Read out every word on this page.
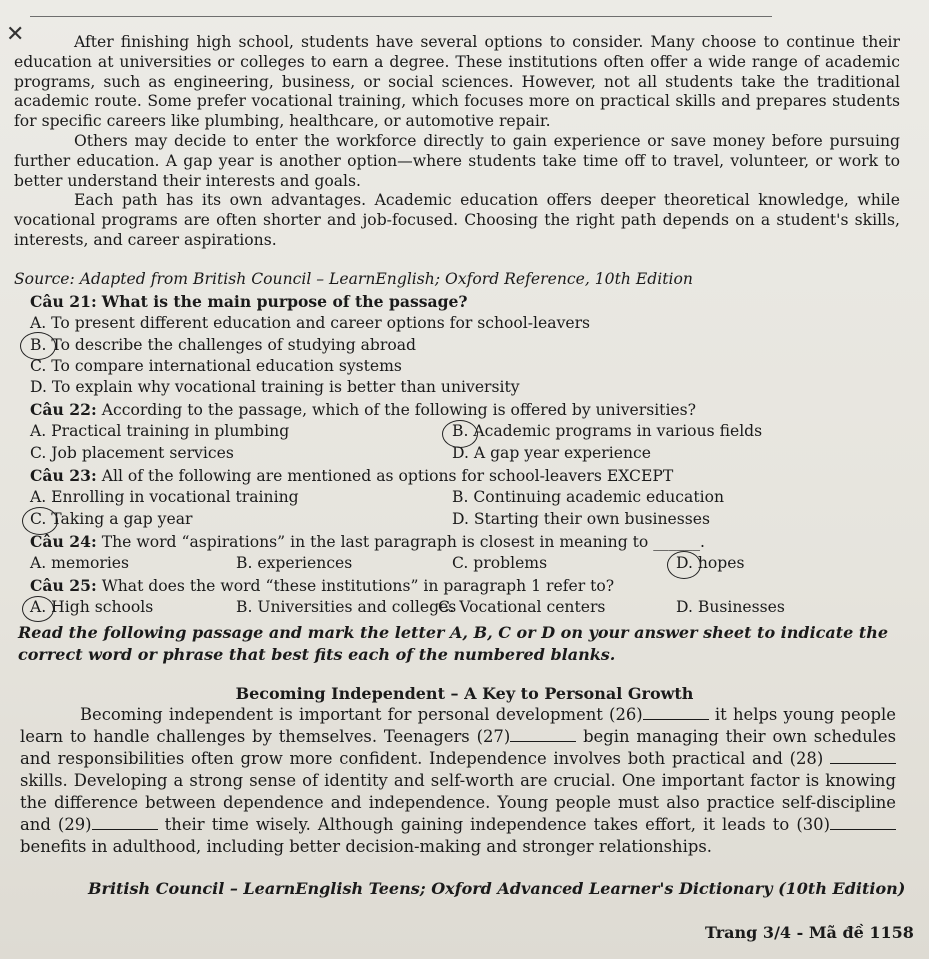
✕	After finishing high school, students have several options to consider. Many choose to continue their education at universities or colleges to earn a degree. These institutions often offer a wide range of academic programs, such as engineering, business, or social sciences. However, not all students take the traditional academic route. Some prefer vocational training, which focuses more on practical skills and prepares students for specific careers like plumbing, healthcare, or automotive repair.

Others may decide to enter the workforce directly to gain experience or save money before pursuing further education. A gap year is another option—where students take time off to travel, volunteer, or work to better understand their interests and goals.

Each path has its own advantages. Academic education offers deeper theoretical knowledge, while vocational programs are often shorter and job-focused. Choosing the right path depends on a student's skills, interests, and career aspirations.

Source: Adapted from British Council – LearnEnglish; Oxford Reference, 10th Edition
Câu 21: What is the main purpose of the passage?
A. To present different education and career options for school-leavers
B. To describe the challenges of studying abroad
C. To compare international education systems
D. To explain why vocational training is better than university
Câu 22: According to the passage, which of the following is offered by universities?
A. Practical training in plumbing	B. Academic programs in various fields
C. Job placement services	D. A gap year experience
Câu 23: All of the following are mentioned as options for school-leavers EXCEPT
A. Enrolling in vocational training	B. Continuing academic education
C. Taking a gap year	D. Starting their own businesses
Câu 24: The word “aspirations” in the last paragraph is closest in meaning to ______.
A. memories	B. experiences	C. problems	D. hopes
Câu 25: What does the word “these institutions” in paragraph 1 refer to?
A. High schools	B. Universities and colleges
C. Vocational centers	D. Businesses
Read the following passage and mark the letter A, B, C or D on your answer sheet to indicate the correct word or phrase that best fits each of the numbered blanks.
Becoming Independent – A Key to Personal Growth

Becoming independent is important for personal development (26)	it helps young people learn to handle challenges by themselves. Teenagers (27)	begin managing their own schedules and responsibilities often grow more confident. Independence involves both practical and (28)  skills. Developing a strong sense of identity and self-worth are crucial. One important factor is knowing the difference between dependence and independence. Young people must also practice self-discipline and (29)	their time wisely. Although gaining independence takes effort, it leads to (30) benefits in adulthood, including better decision-making and stronger relationships.

British Council – LearnEnglish Teens; Oxford Advanced Learner's Dictionary (10th Edition)
Trang 3/4 - Mã đề 1158
